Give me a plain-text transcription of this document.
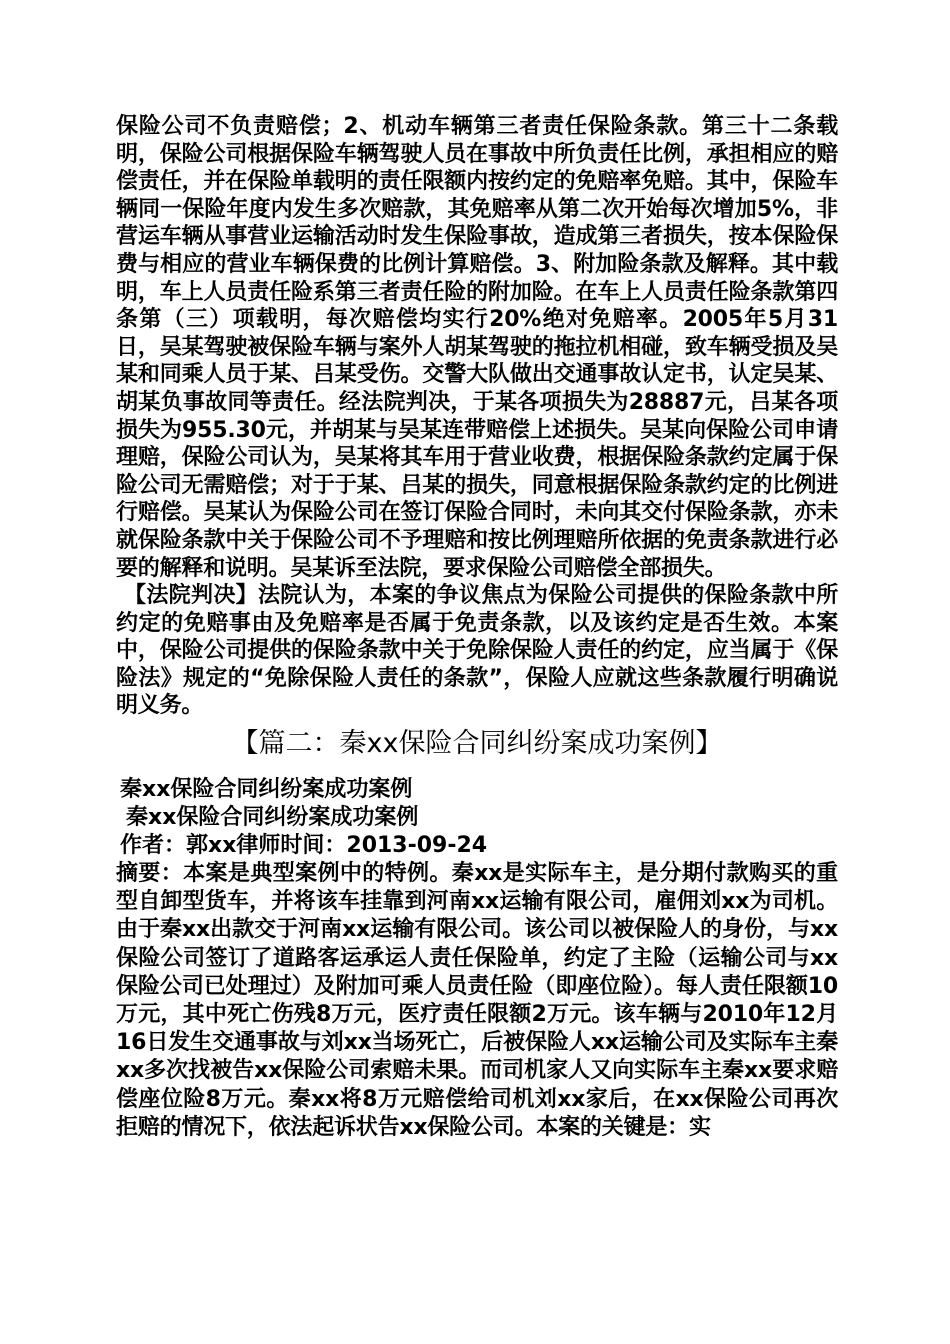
保险公司不负责赔偿；2、机动车辆第三者责任保险条款。第三十二条载明，保险公司根据保险车辆驾驶人员在事故中所负责任比例，承担相应的赔偿责任，并在保险单载明的责任限额内按约定的免赔率免赔。其中，保险车辆同一保险年度内发生多次赔款，其免赔率从第二次开始每次增加5%，非营运车辆从事营业运输活动时发生保险事故，造成第三者损失，按本保险保费与相应的营业车辆保费的比例计算赔偿。3、附加险条款及解释。其中载明，车上人员责任险系第三者责任险的附加险。在车上人员责任险条款第四条第（三）项载明，每次赔偿均实行20%绝对免赔率。2005年5月31日，吴某驾驶被保险车辆与案外人胡某驾驶的拖拉机相碰，致车辆受损及吴某和同乘人员于某、吕某受伤。交警大队做出交通事故认定书，认定吴某、胡某负事故同等责任。经法院判决，于某各项损失为28887元，吕某各项损失为955.30元，并胡某与吴某连带赔偿上述损失。吴某向保险公司申请理赔，保险公司认为，吴某将其车用于营业收费，根据保险条款约定属于保险公司无需赔偿；对于于某、吕某的损失，同意根据保险条款约定的比例进行赔偿。吴某认为保险公司在签订保险合同时，未向其交付保险条款，亦未就保险条款中关于保险公司不予理赔和按比例理赔所依据的免责条款进行必要的解释和说明。吴某诉至法院，要求保险公司赔偿全部损失。

【法院判决】法院认为，本案的争议焦点为保险公司提供的保险条款中所约定的免赔事由及免赔率是否属于免责条款，以及该约定是否生效。本案中，保险公司提供的保险条款中关于免除保险人责任的约定，应当属于《保险法》规定的“免除保险人责任的条款”，保险人应就这些条款履行明确说明义务。

【篇二：秦xx保险合同纠纷案成功案例】

秦xx保险合同纠纷案成功案例

秦xx保险合同纠纷案成功案例

作者：郭xx律师时间：2013-09-24

摘要：本案是典型案例中的特例。秦xx是实际车主，是分期付款购买的重型自卸型货车，并将该车挂靠到河南xx运输有限公司，雇佣刘xx为司机。由于秦xx出款交于河南xx运输有限公司。该公司以被保险人的身份，与xx保险公司签订了道路客运承运人责任保险单，约定了主险（运输公司与xx保险公司已处理过）及附加可乘人员责任险（即座位险）。每人责任限额10万元，其中死亡伤残8万元，医疗责任限额2万元。该车辆与2010年12月16日发生交通事故与刘xx当场死亡，后被保险人xx运输公司及实际车主秦xx多次找被告xx保险公司索赔未果。而司机家人又向实际车主秦xx要求赔偿座位险8万元。秦xx将8万元赔偿给司机刘xx家后，在xx保险公司再次拒赔的情况下，依法起诉状告xx保险公司。本案的关键是：实
